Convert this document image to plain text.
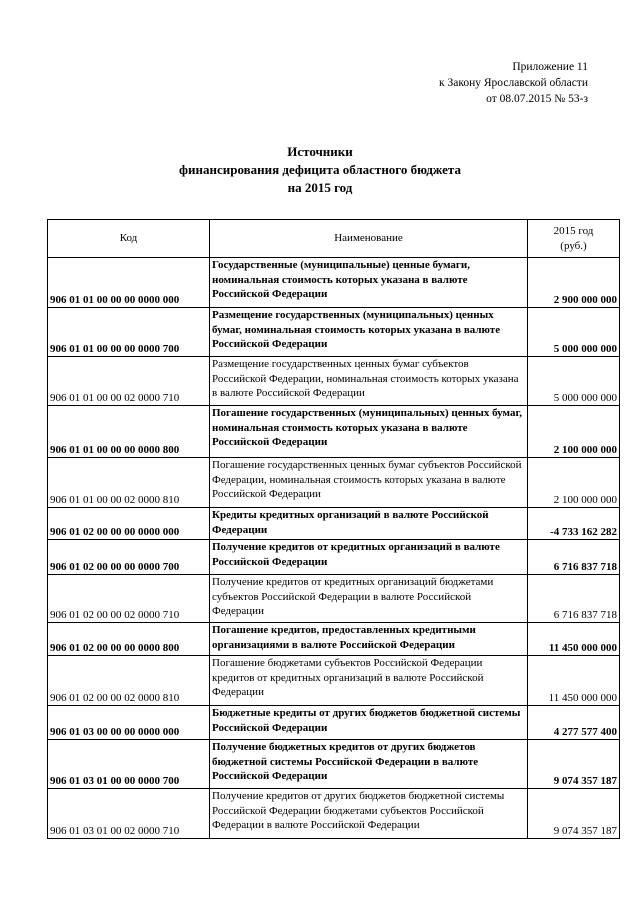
Приложение 11
к Закону Ярославской области
от 08.07.2015 № 53-з
Источники
финансирования дефицита областного бюджета
на 2015 год
Код	Наименование	2015 год
(руб.)

906 01 01 00 00 00 0000 000	Государственные (муниципальные) ценные бумаги, номинальная стоимость которых указана в валюте Российской Федерации	2 900 000 000
906 01 01 00 00 00 0000 700	Размещение государственных (муниципальных) ценных бумаг, номинальная стоимость которых указана в валюте Российской Федерации	5 000 000 000
906 01 01 00 00 02 0000 710	Размещение государственных ценных бумаг субъектов Российской Федерации, номинальная стоимость которых указана в валюте Российской Федерации	5 000 000 000
906 01 01 00 00 00 0000 800	Погашение государственных (муниципальных) ценных бумаг, номинальная стоимость которых указана в валюте Российской Федерации	2 100 000 000
906 01 01 00 00 02 0000 810	Погашение государственных ценных бумаг субъектов Российской Федерации, номинальная стоимость которых указана в валюте Российской Федерации	2 100 000 000
906 01 02 00 00 00 0000 000	Кредиты кредитных организаций в валюте Российской Федерации	-4 733 162 282
906 01 02 00 00 00 0000 700	Получение кредитов от кредитных организаций в валюте Российской Федерации	6 716 837 718
906 01 02 00 00 02 0000 710	Получение кредитов от кредитных организаций бюджетами субъектов Российской Федерации в валюте Российской Федерации	6 716 837 718
906 01 02 00 00 00 0000 800	Погашение кредитов, предоставленных кредитными организациями в валюте Российской Федерации	11 450 000 000
906 01 02 00 00 02 0000 810	Погашение бюджетами субъектов Российской Федерации кредитов от кредитных организаций в валюте Российской Федерации	11 450 000 000
906 01 03 00 00 00 0000 000	Бюджетные кредиты от других бюджетов бюджетной системы Российской Федерации	4 277 577 400
906 01 03 01 00 00 0000 700	Получение бюджетных кредитов от других бюджетов бюджетной системы Российской Федерации в валюте Российской Федерации	9 074 357 187
906 01 03 01 00 02 0000 710	Получение кредитов от других бюджетов бюджетной системы Российской Федерации бюджетами субъектов Российской Федерации в валюте Российской Федерации	9 074 357 187
